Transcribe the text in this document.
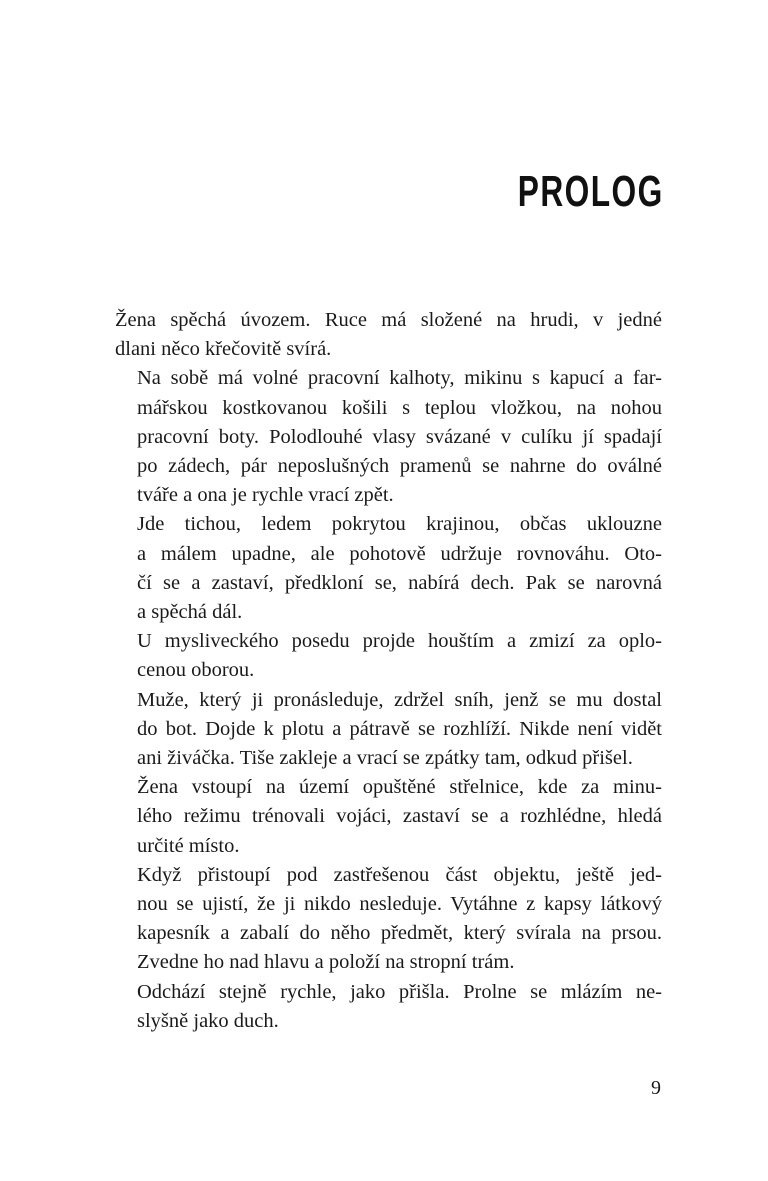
PROLOG

Žena spěchá úvozem. Ruce má složené na hrudi, v jedné
dlani něco křečovitě svírá.

Na sobě má volné pracovní kalhoty, mikinu s kapucí a far-
mářskou kostkovanou košili s teplou vložkou, na nohou
pracovní boty. Polodlouhé vlasy svázané v culíku jí spadají
po zádech, pár neposlušných pramenů se nahrne do oválné
tváře a ona je rychle vrací zpět.

Jde tichou, ledem pokrytou krajinou, občas uklouzne
a málem upadne, ale pohotově udržuje rovnováhu. Oto-
čí se a zastaví, předkloní se, nabírá dech. Pak se narovná
a spěchá dál.

U mysliveckého posedu projde houštím a zmizí za oplo-
cenou oborou.

Muže, který ji pronásleduje, zdržel sníh, jenž se mu dostal
do bot. Dojde k plotu a pátravě se rozhlíží. Nikde není vidět
ani živáčka. Tiše zakleje a vrací se zpátky tam, odkud přišel.

Žena vstoupí na území opuštěné střelnice, kde za minu-
lého režimu trénovali vojáci, zastaví se a rozhlédne, hledá
určité místo.

Když přistoupí pod zastřešenou část objektu, ještě jed-
nou se ujistí, že ji nikdo nesleduje. Vytáhne z kapsy látkový
kapesník a zabalí do něho předmět, který svírala na prsou.
Zvedne ho nad hlavu a položí na stropní trám.

Odchází stejně rychle, jako přišla. Prolne se mlázím ne-
slyšně jako duch.

9
